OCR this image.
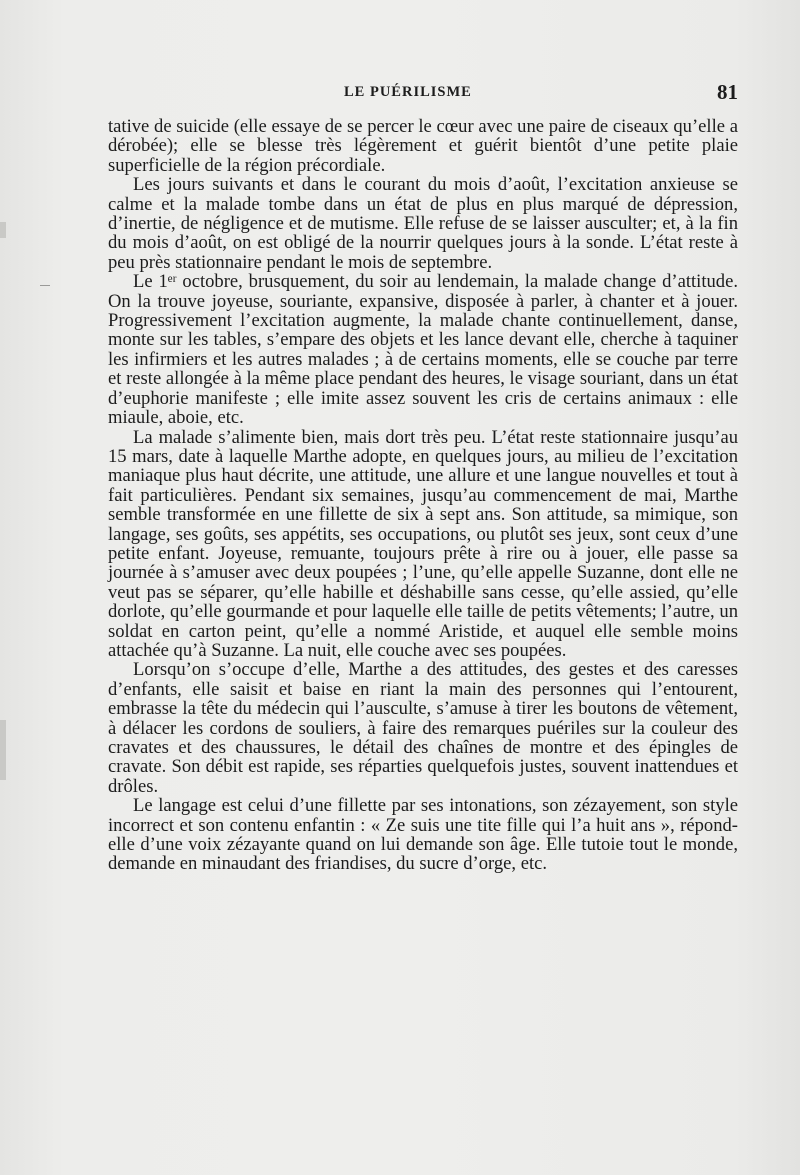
LE PUÉRILISME	81

tative de suicide (elle essaye de se percer le cœur avec une paire de ciseaux qu’elle a dérobée); elle se blesse très légèrement et guérit bientôt d’une petite plaie superficielle de la région précordiale.

Les jours suivants et dans le courant du mois d’août, l’excitation anxieuse se calme et la malade tombe dans un état de plus en plus marqué de dépression, d’inertie, de négligence et de mutisme. Elle refuse de se laisser ausculter; et, à la fin du mois d’août, on est obligé de la nourrir quelques jours à la sonde. L’état reste à peu près stationnaire pendant le mois de septembre.

Le 1ᵉʳ octobre, brusquement, du soir au lendemain, la malade change d’attitude. On la trouve joyeuse, souriante, expansive, disposée à parler, à chanter et à jouer. Progressivement l’excitation augmente, la malade chante continuellement, danse, monte sur les tables, s’empare des objets et les lance devant elle, cherche à taquiner les infirmiers et les autres malades ; à de certains moments, elle se couche par terre et reste allongée à la même place pendant des heures, le visage souriant, dans un état d’euphorie manifeste ; elle imite assez souvent les cris de certains animaux : elle miaule, aboie, etc.

La malade s’alimente bien, mais dort très peu. L’état reste stationnaire jusqu’au 15 mars, date à laquelle Marthe adopte, en quelques jours, au milieu de l’excitation maniaque plus haut décrite, une attitude, une allure et une langue nouvelles et tout à fait particulières. Pendant six semaines, jusqu’au commencement de mai, Marthe semble transformée en une fillette de six à sept ans. Son attitude, sa mimique, son langage, ses goûts, ses appétits, ses occupations, ou plutôt ses jeux, sont ceux d’une petite enfant. Joyeuse, remuante, toujours prête à rire ou à jouer, elle passe sa journée à s’amuser avec deux poupées ; l’une, qu’elle appelle Suzanne, dont elle ne veut pas se séparer, qu’elle habille et déshabille sans cesse, qu’elle assied, qu’elle dorlote, qu’elle gourmande et pour laquelle elle taille de petits vêtements; l’autre, un soldat en carton peint, qu’elle a nommé Aristide, et auquel elle semble moins attachée qu’à Suzanne. La nuit, elle couche avec ses poupées.

Lorsqu’on s’occupe d’elle, Marthe a des attitudes, des gestes et des caresses d’enfants, elle saisit et baise en riant la main des personnes qui l’entourent, embrasse la tête du médecin qui l’ausculte, s’amuse à tirer les boutons de vêtement, à délacer les cordons de souliers, à faire des remarques puériles sur la couleur des cravates et des chaussures, le détail des chaînes de montre et des épingles de cravate. Son débit est rapide, ses réparties quelquefois justes, souvent inattendues et drôles.

Le langage est celui d’une fillette par ses intonations, son zézayement, son style incorrect et son contenu enfantin : « Ze suis une tite fille qui l’a huit ans », répond-elle d’une voix zézayante quand on lui demande son âge. Elle tutoie tout le monde, demande en minaudant des friandises, du sucre d’orge, etc.
